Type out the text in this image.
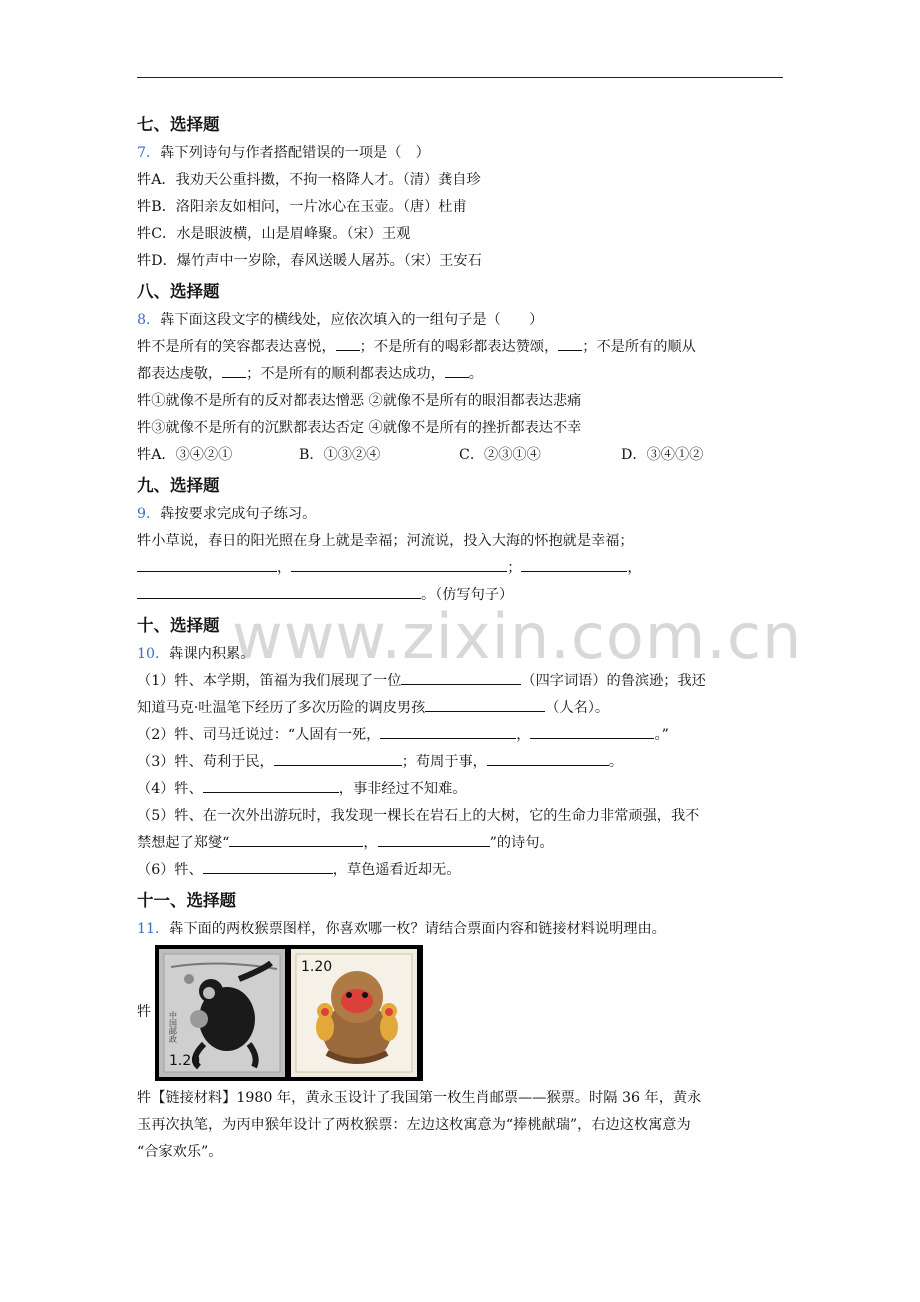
www.zixin.com.cn
七、选择题
7．犇下列诗句与作者搭配错误的一项是（　）
牪A．我劝天公重抖擞，不拘一格降人才。（清）龚自珍
牪B．洛阳亲友如相问，一片冰心在玉壶。（唐）杜甫
牪C．水是眼波横，山是眉峰聚。（宋）王观
牪D．爆竹声中一岁除，春风送暖人屠苏。（宋）王安石
八、选择题
8．犇下面这段文字的横线处，应依次填入的一组句子是（　　）
牪不是所有的笑容都表达喜悦， ；不是所有的喝彩都表达赞颂， ；不是所有的顺从
都表达虔敬， ；不是所有的顺利都表达成功， 。
牪①就像不是所有的反对都表达憎恶 ②就像不是所有的眼泪都表达悲痛
牪③就像不是所有的沉默都表达否定 ④就像不是所有的挫折都表达不幸
牪A．③④②①	B．①③②④	C．②③①④	D．③④①②
九、选择题
9．犇按要求完成句子练习。
牪小草说，春日的阳光照在身上就是幸福；河流说，投入大海的怀抱就是幸福；
，	；	，
。（仿写句子）
十、选择题
10．犇课内积累。
（1）牪、本学期，笛福为我们展现了一位	（四字词语）的鲁滨逊；我还
知道马克·吐温笔下经历了多次历险的调皮男孩	（人名）。
（2）牪、司马迁说过：“人固有一死，	，	。”
（3）牪、苟利于民，	；苟周于事，	。
（4）牪、	，事非经过不知难。
（5）牪、在一次外出游玩时，我发现一棵长在岩石上的大树，它的生命力非常顽强，我不
禁想起了郑燮“	，	”的诗句。
（6）牪、	，草色遥看近却无。
十一、选择题
11．犇下面的两枚猴票图样，你喜欢哪一枚？请结合票面内容和链接材料说明理由。
牪 中国邮政
1.20
1.20
牪【链接材料】1980 年，黄永玉设计了我国第一枚生肖邮票——猴票。时隔 36 年，黄永
玉再次执笔，为丙申猴年设计了两枚猴票：左边这枚寓意为“捧桃献瑞”，右边这枚寓意为
“合家欢乐”。
